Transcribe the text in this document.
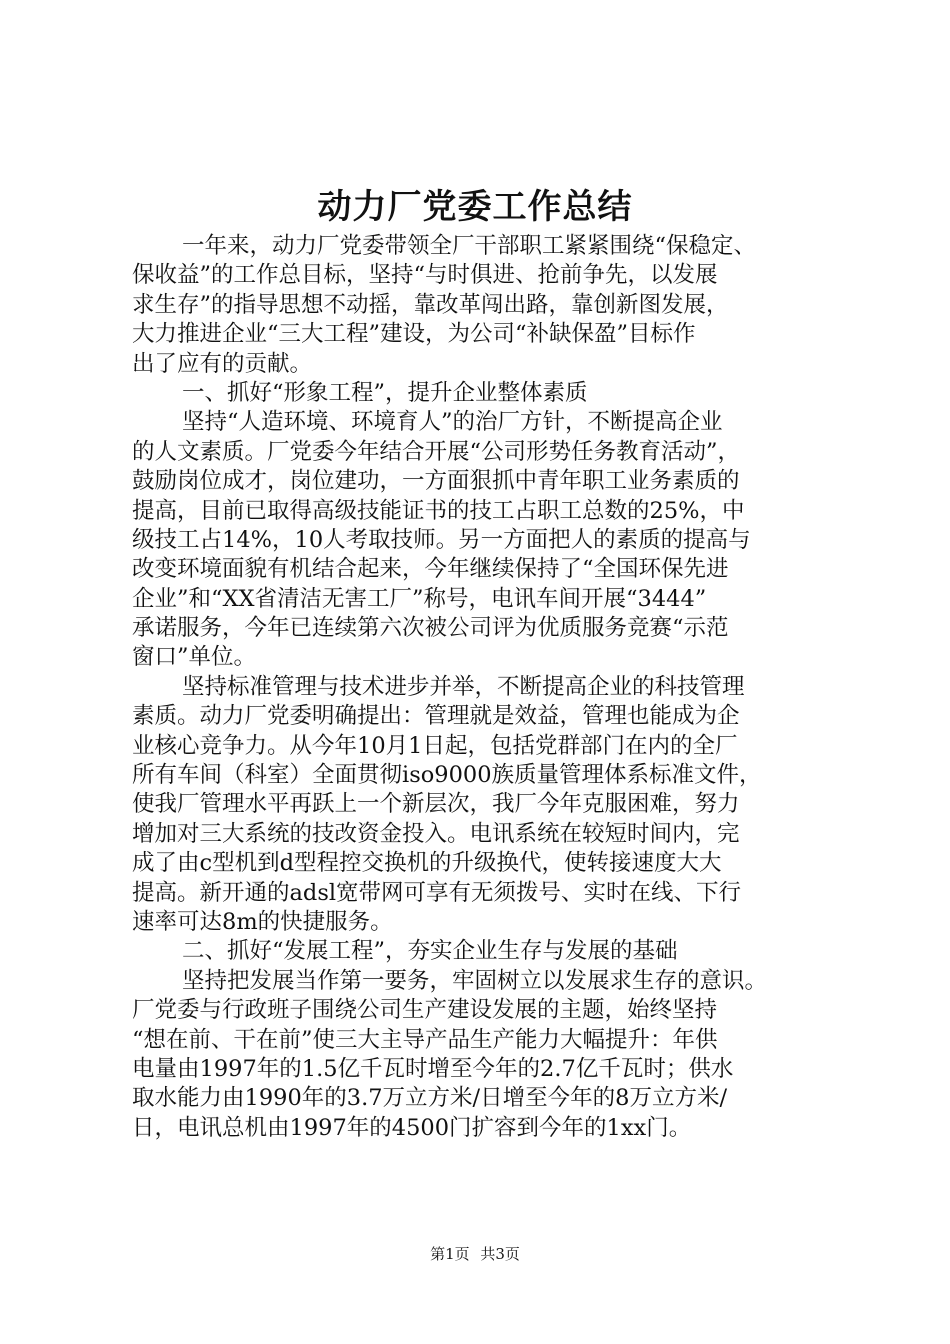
动力厂党委工作总结
一年来，动力厂党委带领全厂干部职工紧紧围绕“保稳定、
保收益”的工作总目标，坚持“与时俱进、抢前争先，以发展
求生存”的指导思想不动摇，靠改革闯出路，靠创新图发展，
大力推进企业“三大工程”建设，为公司“补缺保盈”目标作
出了应有的贡献。
一、抓好“形象工程”，提升企业整体素质
坚持“人造环境、环境育人”的治厂方针，不断提高企业
的人文素质。厂党委今年结合开展“公司形势任务教育活动”，
鼓励岗位成才，岗位建功，一方面狠抓中青年职工业务素质的
提高，目前已取得高级技能证书的技工占职工总数的25%，中
级技工占14%，10人考取技师。另一方面把人的素质的提高与
改变环境面貌有机结合起来，今年继续保持了“全国环保先进
企业”和“XX省清洁无害工厂”称号，电讯车间开展“3444”
承诺服务，今年已连续第六次被公司评为优质服务竞赛“示范
窗口”单位。
坚持标准管理与技术进步并举，不断提高企业的科技管理
素质。动力厂党委明确提出：管理就是效益，管理也能成为企
业核心竞争力。从今年10月1日起，包括党群部门在内的全厂
所有车间（科室）全面贯彻iso9000族质量管理体系标准文件，
使我厂管理水平再跃上一个新层次，我厂今年克服困难，努力
增加对三大系统的技改资金投入。电讯系统在较短时间内，完
成了由c型机到d型程控交换机的升级换代，使转接速度大大
提高。新开通的adsl宽带网可享有无须拨号、实时在线、下行
速率可达8m的快捷服务。
二、抓好“发展工程”，夯实企业生存与发展的基础
坚持把发展当作第一要务，牢固树立以发展求生存的意识。
厂党委与行政班子围绕公司生产建设发展的主题，始终坚持
“想在前、干在前”使三大主导产品生产能力大幅提升：年供
电量由1997年的1.5亿千瓦时增至今年的2.7亿千瓦时；供水
取水能力由1990年的3.7万立方米/日增至今年的8万立方米/
日，电讯总机由1997年的4500门扩容到今年的1xx门。
第1页 共3页
